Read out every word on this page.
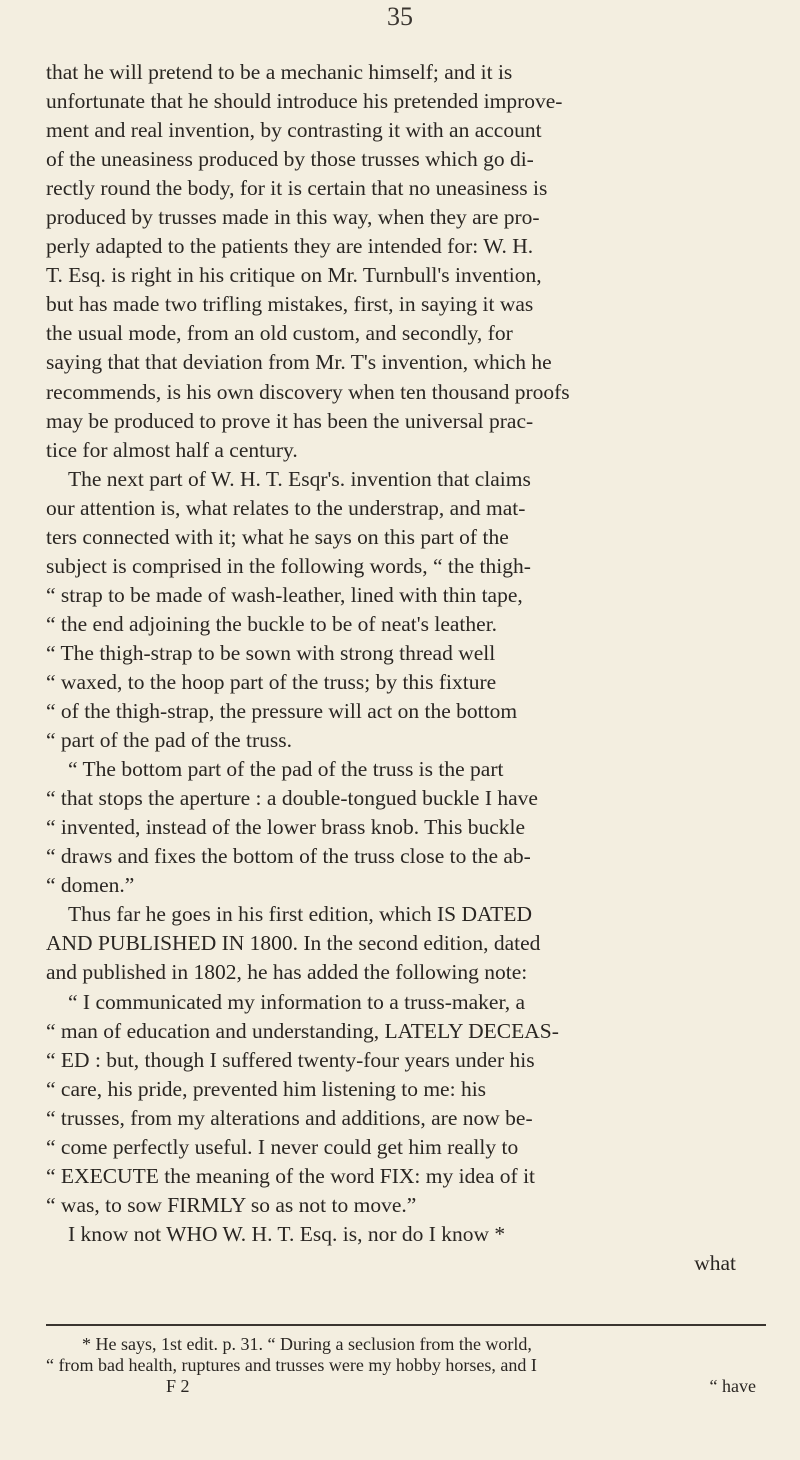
35
that he will pretend to be a mechanic himself; and it is
unfortunate that he should introduce his pretended improve-
ment and real invention, by contrasting it with an account
of the uneasiness produced by those trusses which go di-
rectly round the body, for it is certain that no uneasiness is
produced by trusses made in this way, when they are pro-
perly adapted to the patients they are intended for: W. H.
T. Esq. is right in his critique on Mr. Turnbull's invention,
but has made two trifling mistakes, first, in saying it was
the usual mode, from an old custom, and secondly, for
saying that that deviation from Mr. T's invention, which he
recommends, is his own discovery when ten thousand proofs
may be produced to prove it has been the universal prac-
tice for almost half a century.
The next part of W. H. T. Esqr's. invention that claims
our attention is, what relates to the understrap, and mat-
ters connected with it; what he says on this part of the
subject is comprised in the following words, “ the thigh-
“ strap to be made of wash-leather, lined with thin tape,
“ the end adjoining the buckle to be of neat's leather.
“ The thigh-strap to be sown with strong thread well
“ waxed, to the hoop part of the truss; by this fixture
“ of the thigh-strap, the pressure will act on the bottom
“ part of the pad of the truss.
“ The bottom part of the pad of the truss is the part
“ that stops the aperture : a double-tongued buckle I have
“ invented, instead of the lower brass knob. This buckle
“ draws and fixes the bottom of the truss close to the ab-
“ domen.”
Thus far he goes in his first edition, which IS DATED
AND PUBLISHED IN 1800. In the second edition, dated
and published in 1802, he has added the following note:
“ I communicated my information to a truss-maker, a
“ man of education and understanding, LATELY DECEAS-
“ ED : but, though I suffered twenty-four years under his
“ care, his pride, prevented him listening to me: his
“ trusses, from my alterations and additions, are now be-
“ come perfectly useful. I never could get him really to
“ EXECUTE the meaning of the word FIX: my idea of it
“ was, to sow FIRMLY so as not to move.”
I know not WHO W. H. T. Esq. is, nor do I know *
what
* He says, 1st edit. p. 31. “ During a seclusion from the world,
“ from bad health, ruptures and trusses were my hobby horses, and I
F 2	“ have
